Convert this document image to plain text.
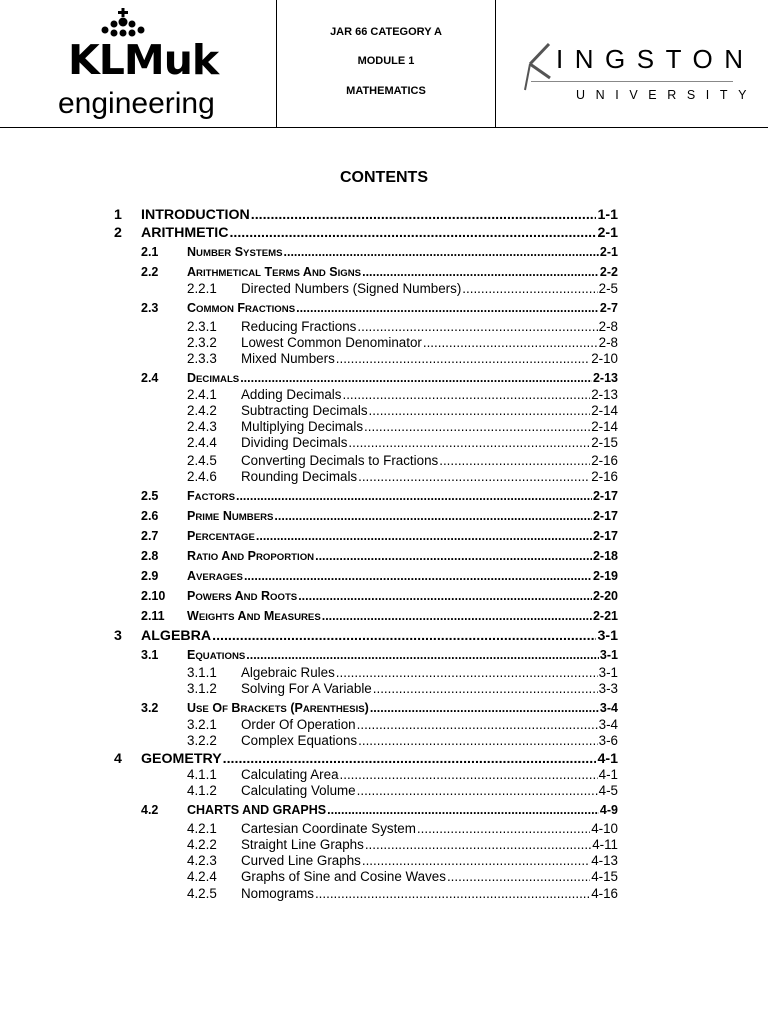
KLMuk
engineering
JAR 66 CATEGORY A
MODULE 1
MATHEMATICS
INGSTON
UNIVERSITY
CONTENTS
1 INTRODUCTION .....	1-1
2 ARITHMETIC .....	2-1
2.1 NUMBER SYSTEMS .....	2-1
2.2 ARITHMETICAL TERMS AND SIGNS .....	2-2
2.2.1 Directed Numbers (Signed Numbers) .....	2-5
2.3 COMMON FRACTIONS .....	2-7
2.3.1 Reducing Fractions .....	2-8
2.3.2 Lowest Common Denominator .....	2-8
2.3.3 Mixed Numbers .....	2-10
2.4 DECIMALS .....	2-13
2.4.1 Adding Decimals .....	2-13
2.4.2 Subtracting Decimals .....	2-14
2.4.3 Multiplying Decimals .....	2-14
2.4.4 Dividing Decimals .....	2-15
2.4.5 Converting Decimals to Fractions .....	2-16
2.4.6 Rounding Decimals .....	2-16
2.5 FACTORS .....	2-17
2.6 PRIME NUMBERS .....	2-17
2.7 PERCENTAGE .....	2-17
2.8 RATIO AND PROPORTION .....	2-18
2.9 AVERAGES .....	2-19
2.10 POWERS AND ROOTS .....	2-20
2.11 WEIGHTS AND MEASURES .....	2-21
3 ALGEBRA .....	3-1
3.1 EQUATIONS .....	3-1
3.1.1 Algebraic Rules .....	3-1
3.1.2 Solving For A Variable .....	3-3
3.2 USE OF BRACKETS (PARENTHESIS) .....	3-4
3.2.1 Order Of Operation .....	3-4
3.2.2 Complex Equations .....	3-6
4 GEOMETRY .....	4-1
4.1.1 Calculating Area .....	4-1
4.1.2 Calculating Volume .....	4-5
4.2 CHARTS AND GRAPHS .....	4-9
4.2.1 Cartesian Coordinate System .....	4-10
4.2.2 Straight Line Graphs .....	4-11
4.2.3 Curved Line Graphs .....	4-13
4.2.4 Graphs of Sine and Cosine Waves .....	4-15
4.2.5 Nomograms .....	4-16
